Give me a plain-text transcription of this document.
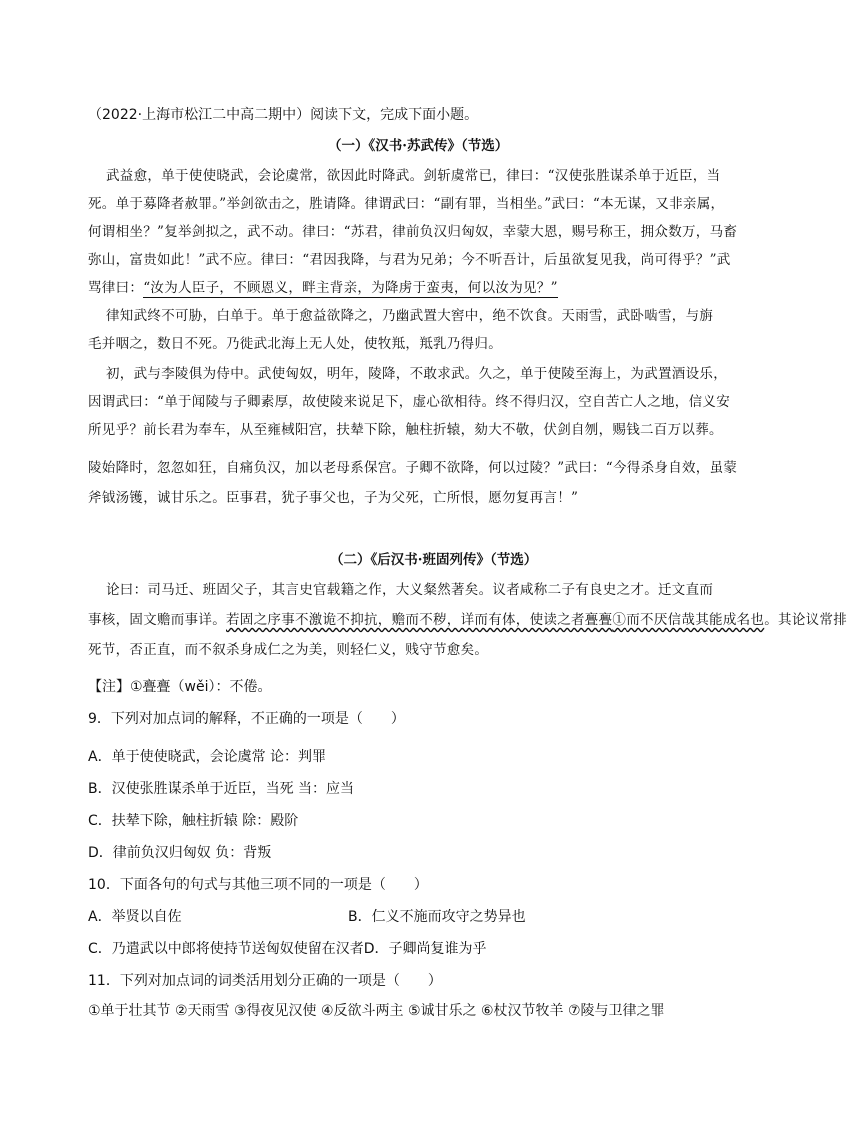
（2022·上海市松江二中高二期中）阅读下文，完成下面小题。
（一）《汉书·苏武传》（节选）
武益愈，单于使使晓武，会论虞常，欲因此时降武。剑斩虞常已，律曰：“汉使张胜谋杀单于近臣，当
死。单于募降者赦罪。”举剑欲击之，胜请降。律谓武曰：“副有罪，当相坐。”武曰：“本无谋，又非亲属，
何谓相坐？”复举剑拟之，武不动。律曰：“苏君，律前负汉归匈奴，幸蒙大恩，赐号称王，拥众数万，马畜
弥山，富贵如此！”武不应。律曰：“君因我降，与君为兄弟；今不听吾计，后虽欲复见我，尚可得乎？”武
骂律曰：“汝为人臣子，不顾恩义，畔主背亲，为降虏于蛮夷，何以汝为见？”
律知武终不可胁，白单于。单于愈益欲降之，乃幽武置大窖中，绝不饮食。天雨雪，武卧啮雪，与旃
毛并咽之，数日不死。乃徙武北海上无人处，使牧羝，羝乳乃得归。
初，武与李陵俱为侍中。武使匈奴，明年，陵降，不敢求武。久之，单于使陵至海上，为武置酒设乐，
因谓武曰：“单于闻陵与子卿素厚，故使陵来说足下，虚心欲相待。终不得归汉，空自苦亡人之地，信义安
所见乎？前长君为奉车，从至雍棫阳宫，扶辇下除，触柱折辕，劾大不敬，伏剑自刎，赐钱二百万以葬。
陵始降时，忽忽如狂，自痛负汉，加以老母系保宫。子卿不欲降，何以过陵？”武曰：“今得杀身自效，虽蒙
斧钺汤镬，诚甘乐之。臣事君，犹子事父也，子为父死，亡所恨，愿勿复再言！”
（二）《后汉书·班固列传》（节选）
论曰：司马迁、班固父子，其言史官载籍之作，大义粲然著矣。议者咸称二子有良史之才。迁文直而
事核，固文赡而事详。若固之序事不激诡不抑抗，赡而不秽，详而有体，使读之者亹亹①而不厌信哉其能成名也。其论议常排
死节，否正直，而不叙杀身成仁之为美，则轻仁义，贱守节愈矣。
【注】①亹亹（wěi）：不倦。
9．下列对加点词的解释，不正确的一项是（　　）
A．单于使使晓武，会论虞常 论：判罪
B．汉使张胜谋杀单于近臣，当死 当：应当
C．扶辇下除，触柱折辕 除：殿阶
D．律前负汉归匈奴 负：背叛
10．下面各句的句式与其他三项不同的一项是（　　）
A．举贤以自佐	B．仁义不施而攻守之势异也
C．乃遣武以中郎将使持节送匈奴使留在汉者D．子卿尚复谁为乎
11．下列对加点词的词类活用划分正确的一项是（　　）
①单于壮其节 ②天雨雪 ③得夜见汉使 ④反欲斗两主 ⑤诚甘乐之 ⑥杖汉节牧羊 ⑦陵与卫律之罪
